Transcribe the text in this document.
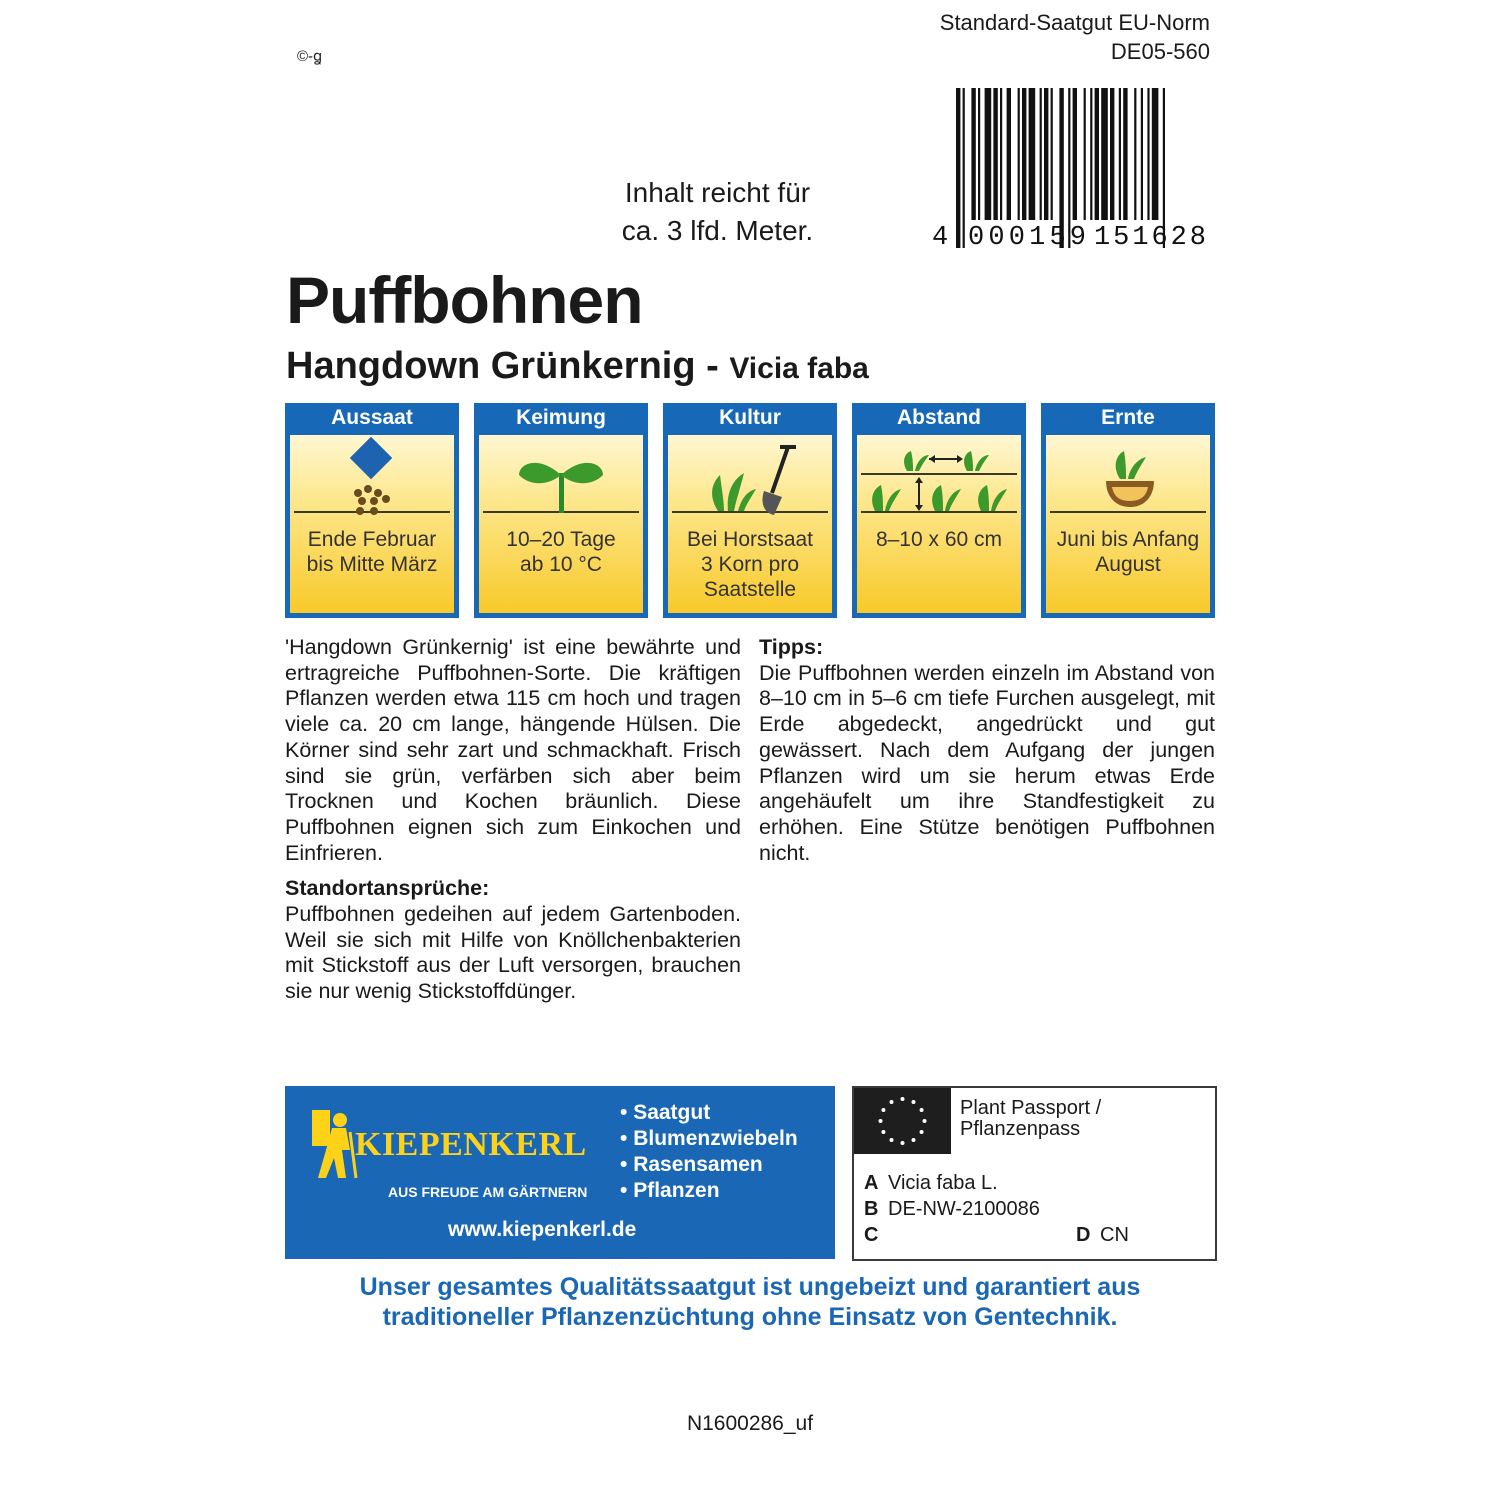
Standard-Saatgut EU-Norm
DE05-560
©-ꬶ
Inhalt reicht für
ca. 3 lfd. Meter.	4 000159 151628
Puffbohnen
Hangdown Grünkernig - Vicia faba
Aussaat
Ende Februar
bis Mitte März
Keimung
10–20 Tage
ab 10 °C
Kultur
Bei Horstsaat
3 Korn pro
Saatstelle
Abstand
8–10 x 60 cm
Ernte
Juni bis Anfang
August

'Hangdown Grünkernig' ist eine bewährte und ertragreiche Puffbohnen-Sorte. Die kräftigen Pflanzen werden etwa 115 cm hoch und tragen viele ca. 20 cm lange, hängende Hülsen. Die Körner sind sehr zart und schmackhaft. Frisch sind sie grün, verfärben sich aber beim Trocknen und Kochen bräunlich. Diese Puffbohnen eignen sich zum Einkochen und Einfrieren.

Standortansprüche:

Puffbohnen gedeihen auf jedem Gartenboden. Weil sie sich mit Hilfe von Knöllchenbakterien mit Stickstoff aus der Luft versorgen, brauchen sie nur wenig Stickstoffdünger.

Tipps:

Die Puffbohnen werden einzeln im Abstand von 8–10 cm in 5–6 cm tiefe Furchen ausgelegt, mit Erde abgedeckt, angedrückt und gut gewässert. Nach dem Aufgang der jungen Pflanzen wird um sie herum etwas Erde angehäufelt um ihre Standfestigkeit zu erhöhen. Eine Stütze benötigen Puffbohnen nicht.

KIEPENKERL
AUS FREUDE AM GÄRTNERN
• Saatgut
• Blumenzwiebeln
• Rasensamen
• Pflanzen
www.kiepenkerl.de
Plant Passport /
Pflanzenpass
A Vicia faba L.
B DE-NW-2100086
C	D CN
Unser gesamtes Qualitätssaatgut ist ungebeizt und garantiert aus
traditioneller Pflanzenzüchtung ohne Einsatz von Gentechnik.
N1600286_uf
